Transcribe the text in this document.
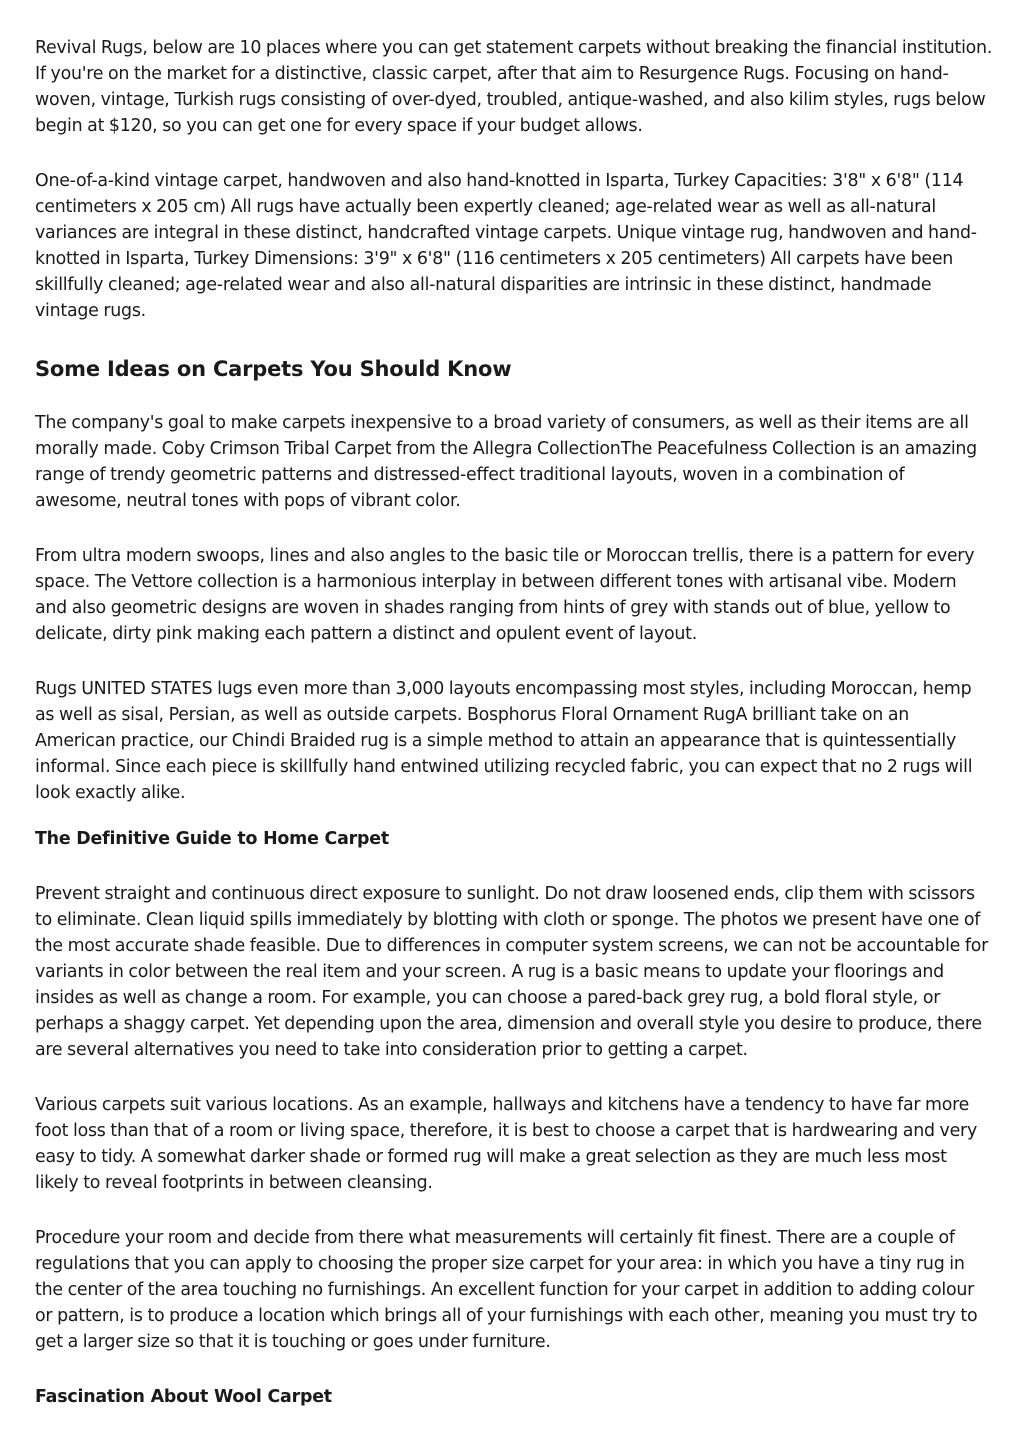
Revival Rugs, below are 10 places where you can get statement carpets without breaking the financial institution. If you're on the market for a distinctive, classic carpet, after that aim to Resurgence Rugs. Focusing on hand-woven, vintage, Turkish rugs consisting of over-dyed, troubled, antique-washed, and also kilim styles, rugs below begin at $120, so you can get one for every space if your budget allows.

One-of-a-kind vintage carpet, handwoven and also hand-knotted in Isparta, Turkey Capacities: 3'8" x 6'8" (114 centimeters x 205 cm) All rugs have actually been expertly cleaned; age-related wear as well as all-natural variances are integral in these distinct, handcrafted vintage carpets. Unique vintage rug, handwoven and hand-knotted in Isparta, Turkey Dimensions: 3'9" x 6'8" (116 centimeters x 205 centimeters) All carpets have been skillfully cleaned; age-related wear and also all-natural disparities are intrinsic in these distinct, handmade vintage rugs.

Some Ideas on Carpets You Should Know

The company's goal to make carpets inexpensive to a broad variety of consumers, as well as their items are all morally made. Coby Crimson Tribal Carpet from the Allegra CollectionThe Peacefulness Collection is an amazing range of trendy geometric patterns and distressed-effect traditional layouts, woven in a combination of awesome, neutral tones with pops of vibrant color.

From ultra modern swoops, lines and also angles to the basic tile or Moroccan trellis, there is a pattern for every space. The Vettore collection is a harmonious interplay in between different tones with artisanal vibe. Modern and also geometric designs are woven in shades ranging from hints of grey with stands out of blue, yellow to delicate, dirty pink making each pattern a distinct and opulent event of layout.

Rugs UNITED STATES lugs even more than 3,000 layouts encompassing most styles, including Moroccan, hemp as well as sisal, Persian, as well as outside carpets. Bosphorus Floral Ornament RugA brilliant take on an American practice, our Chindi Braided rug is a simple method to attain an appearance that is quintessentially informal. Since each piece is skillfully hand entwined utilizing recycled fabric, you can expect that no 2 rugs will look exactly alike.

The Definitive Guide to Home Carpet

Prevent straight and continuous direct exposure to sunlight. Do not draw loosened ends, clip them with scissors to eliminate. Clean liquid spills immediately by blotting with cloth or sponge. The photos we present have one of the most accurate shade feasible. Due to differences in computer system screens, we can not be accountable for variants in color between the real item and your screen. A rug is a basic means to update your floorings and insides as well as change a room. For example, you can choose a pared-back grey rug, a bold floral style, or perhaps a shaggy carpet. Yet depending upon the area, dimension and overall style you desire to produce, there are several alternatives you need to take into consideration prior to getting a carpet.

Various carpets suit various locations. As an example, hallways and kitchens have a tendency to have far more foot loss than that of a room or living space, therefore, it is best to choose a carpet that is hardwearing and very easy to tidy. A somewhat darker shade or formed rug will make a great selection as they are much less most likely to reveal footprints in between cleansing.

Procedure your room and decide from there what measurements will certainly fit finest. There are a couple of regulations that you can apply to choosing the proper size carpet for your area: in which you have a tiny rug in the center of the area touching no furnishings. An excellent function for your carpet in addition to adding colour or pattern, is to produce a location which brings all of your furnishings with each other, meaning you must try to get a larger size so that it is touching or goes under furniture.

Fascination About Wool Carpet
